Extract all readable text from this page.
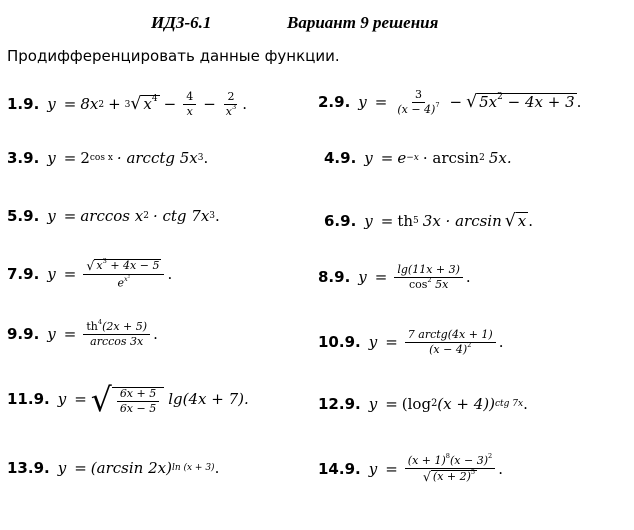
ИДЗ-6.1	Вариант 9 решения
Продифференцировать данные функции.
1.9. y = 8x 2 + 3 √ $x^4 - \frac{4}{x} - \frac{2}{x^3}$ .	2.9. $y = \frac{3}{(x - 4)^7}$ − √ $5x^2 - 4x + 3$ .
3.9. y = 2 cos x · arcctg 5x 3 .	4.9. y = e −x · arcsin 2 5x.
5.9. y = arccos x 2 · ctg 7x 3 .	6.9. y = th 5 3x · arcsin √ x .
7.9. $y = \frac{√ x^3 + 4x - 5}{e^{x^2}}$ .	8.9. $y = \frac{\lg(11x + 3)}{\cos^2 5x}$ .
9.9. $y = \frac{th^4(2x + 5)}{\arccos 3x}$ .	10.9. $y = \frac{\text{7 arctg(4x + 1)}}{(x - 4)^2}$ .
11.9. y = √ $\frac{6x + 5}{6x - 5} \lg(4x + 7)$.	12.9. y = (log 2 (x + 4)) ctg 7x .
13.9. y = (arcsin 2x) ln (x + 3) .	14.9. $y = \frac{(x + 1)^8(x - 3)^2}{√ (x + 2)^5}$ .
